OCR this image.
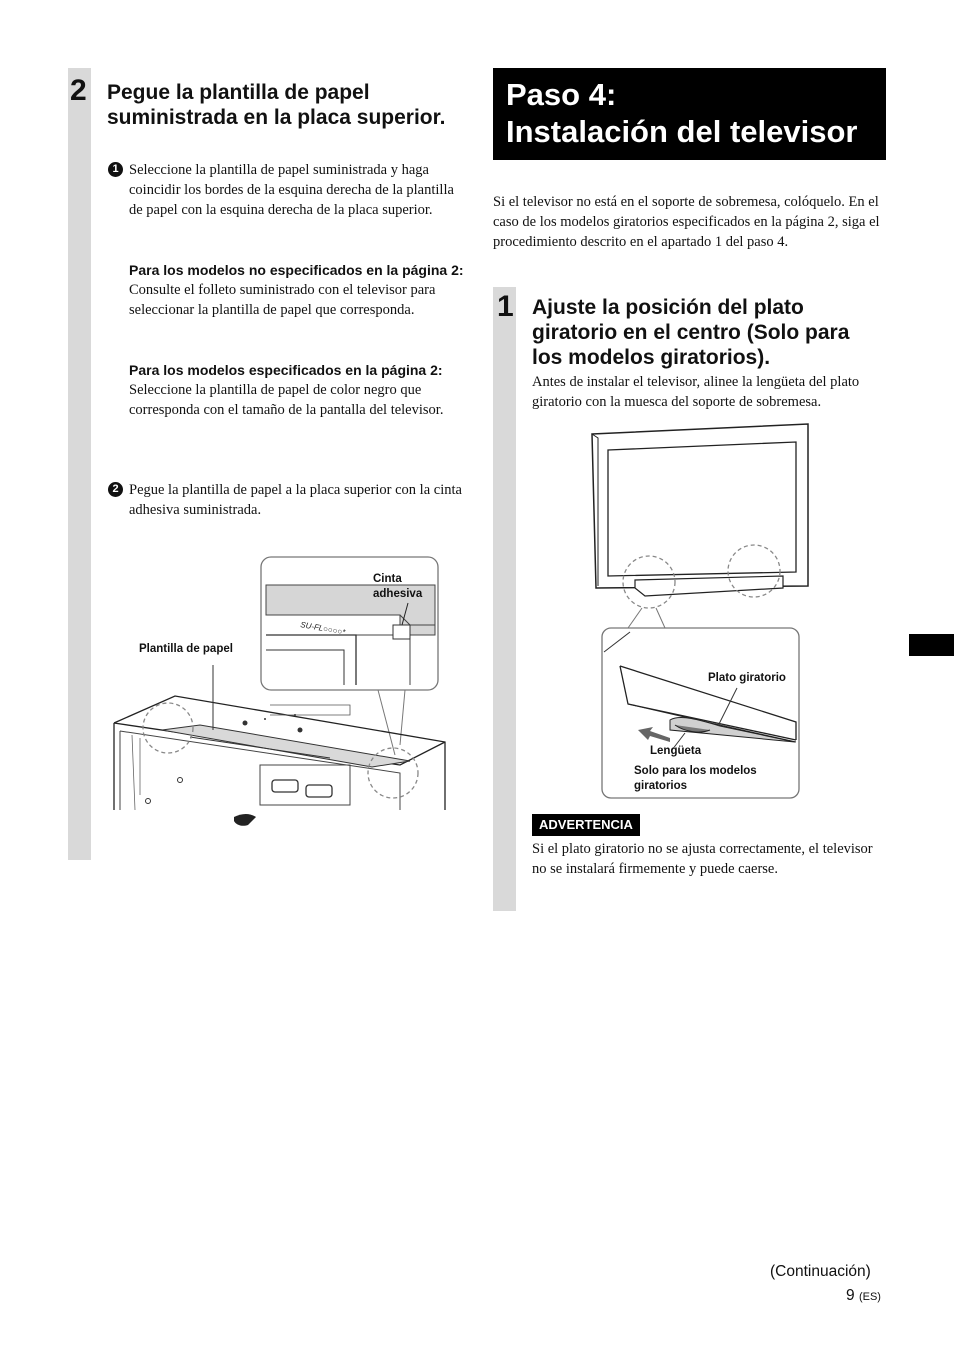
2 Pegue la plantilla de papel suministrada en la placa superior.
1 Seleccione la plantilla de papel suministrada y haga coincidir los bordes de la esquina derecha de la plantilla de papel con la esquina derecha de la placa superior.
Para los modelos no especificados en la página 2:
Consulte el folleto suministrado con el televisor para seleccionar la plantilla de papel que corresponda.
Para los modelos especificados en la página 2:
Seleccione la plantilla de papel de color negro que corresponda con el tamaño de la pantalla del televisor.
2 Pegue la plantilla de papel a la placa superior con la cinta adhesiva suministrada.
SU-FL○○○○*
Cinta adhesiva
Plantilla de papel
Paso 4:
Instalación del televisor
Si el televisor no está en el soporte de sobremesa, colóquelo. En el caso de los modelos giratorios especificados en la página 2, siga el procedimiento descrito en el apartado 1 del paso 4.
1 Ajuste la posición del plato giratorio en el centro (Solo para los modelos giratorios).
Antes de instalar el televisor, alinee la lengüeta del plato giratorio con la muesca del soporte de sobremesa.
Plato giratorio
Lengüeta
Solo para los modelos giratorios
ADVERTENCIA
Si el plato giratorio no se ajusta correctamente, el televisor no se instalará firmemente y puede caerse.
(Continuación)
9 (ES)
